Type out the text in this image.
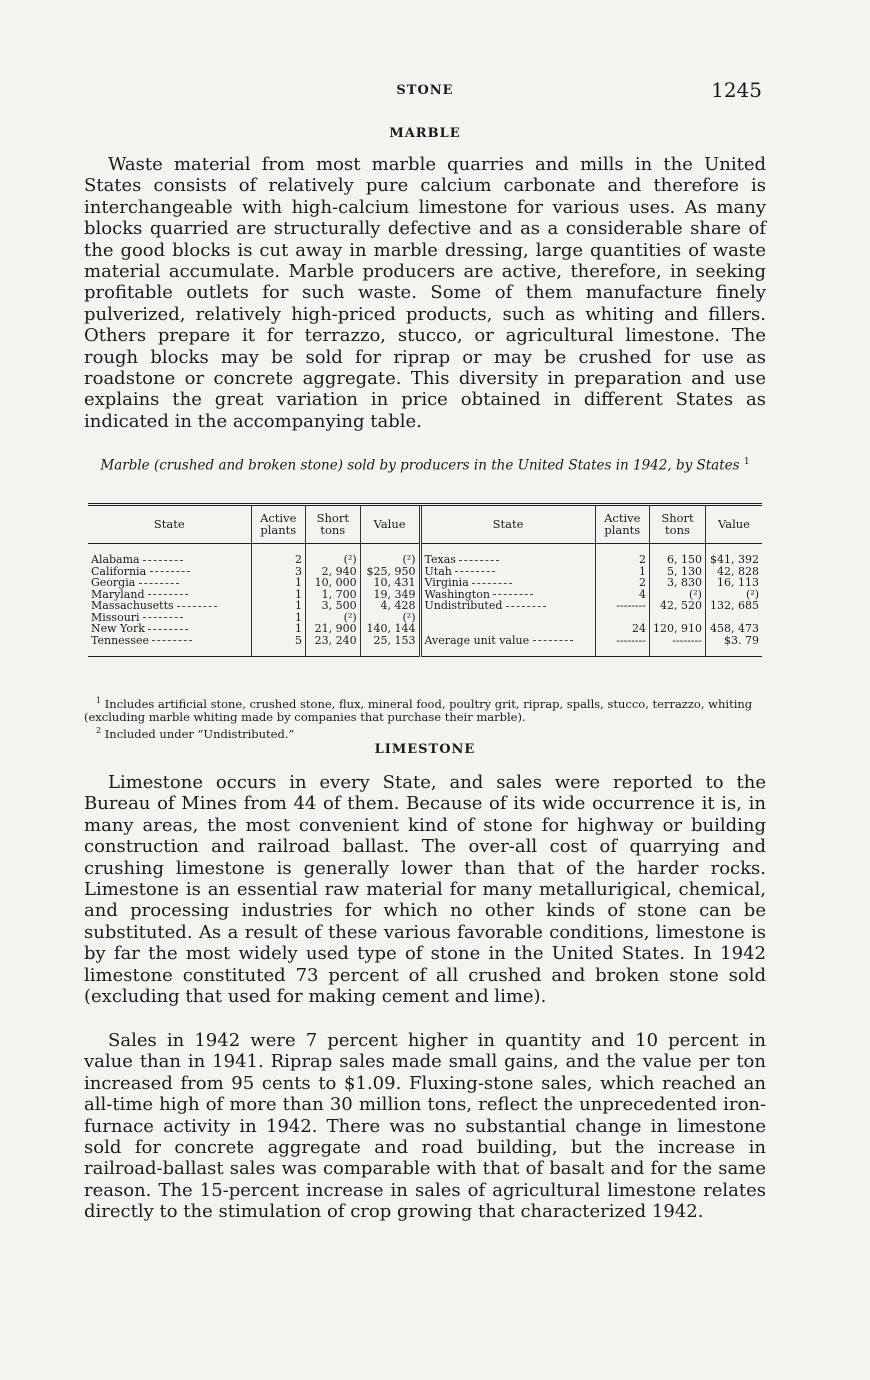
STONE	1245
MARBLE

Waste material from most marble quarries and mills in the United States consists of relatively pure calcium carbonate and therefore is interchangeable with high-calcium limestone for various uses. As many blocks quarried are structurally defective and as a considerable share of the good blocks is cut away in marble dressing, large quantities of waste material accumulate. Marble producers are active, therefore, in seeking profitable outlets for such waste. Some of them manufacture finely pulverized, relatively high-priced products, such as whiting and fillers. Others prepare it for terrazzo, stucco, or agricultural limestone. The rough blocks may be sold for riprap or may be crushed for use as roadstone or concrete aggregate. This diversity in preparation and use explains the great variation in price obtained in different States as indicated in the accompanying table.

Marble (crushed and broken stone) sold by producers in the United States in 1942, by States $^1$
State	Active plants	Short tons	Value	State	Active plants	Short tons	Value
Alabama	2	(²)	(²)	Texas	2	6, 150	$41, 392
California	3	2, 940	$25, 950	Utah	1	5, 130	42, 828
Georgia	1	10, 000	10, 431	Virginia	2	3, 830	16, 113
Maryland	1	1, 700	19, 349	Washington	4	(²)	(²)
Massachusetts	1	3, 500	4, 428	Undistributed	--------	42, 520	132, 685
Missouri	1	(²)	(²)				
New York	1	21, 900	140, 144		24	120, 910	458, 473
Tennessee	5	23, 240	25, 153	Average unit value	--------	--------	$3. 79

$^1$ Includes artificial stone, crushed stone, flux, mineral food, poultry grit, riprap, spalls, stucco, terrazzo, whiting (excluding marble whiting made by companies that purchase their marble).

$^2$ Included under “Undistributed.”

LIMESTONE

Limestone occurs in every State, and sales were reported to the Bureau of Mines from 44 of them. Because of its wide occurrence it is, in many areas, the most convenient kind of stone for highway or building construction and railroad ballast. The over-all cost of quarrying and crushing limestone is generally lower than that of the harder rocks. Limestone is an essential raw material for many metallurigical, chemical, and processing industries for which no other kinds of stone can be substituted. As a result of these various favorable conditions, limestone is by far the most widely used type of stone in the United States. In 1942 limestone constituted 73 percent of all crushed and broken stone sold (excluding that used for making cement and lime).

Sales in 1942 were 7 percent higher in quantity and 10 percent in value than in 1941. Riprap sales made small gains, and the value per ton increased from 95 cents to $1.09. Fluxing-stone sales, which reached an all-time high of more than 30 million tons, reflect the unprecedented iron-furnace activity in 1942. There was no substantial change in limestone sold for concrete aggregate and road building, but the increase in railroad-ballast sales was comparable with that of basalt and for the same reason. The 15-percent increase in sales of agricultural limestone relates directly to the stimulation of crop growing that characterized 1942.
